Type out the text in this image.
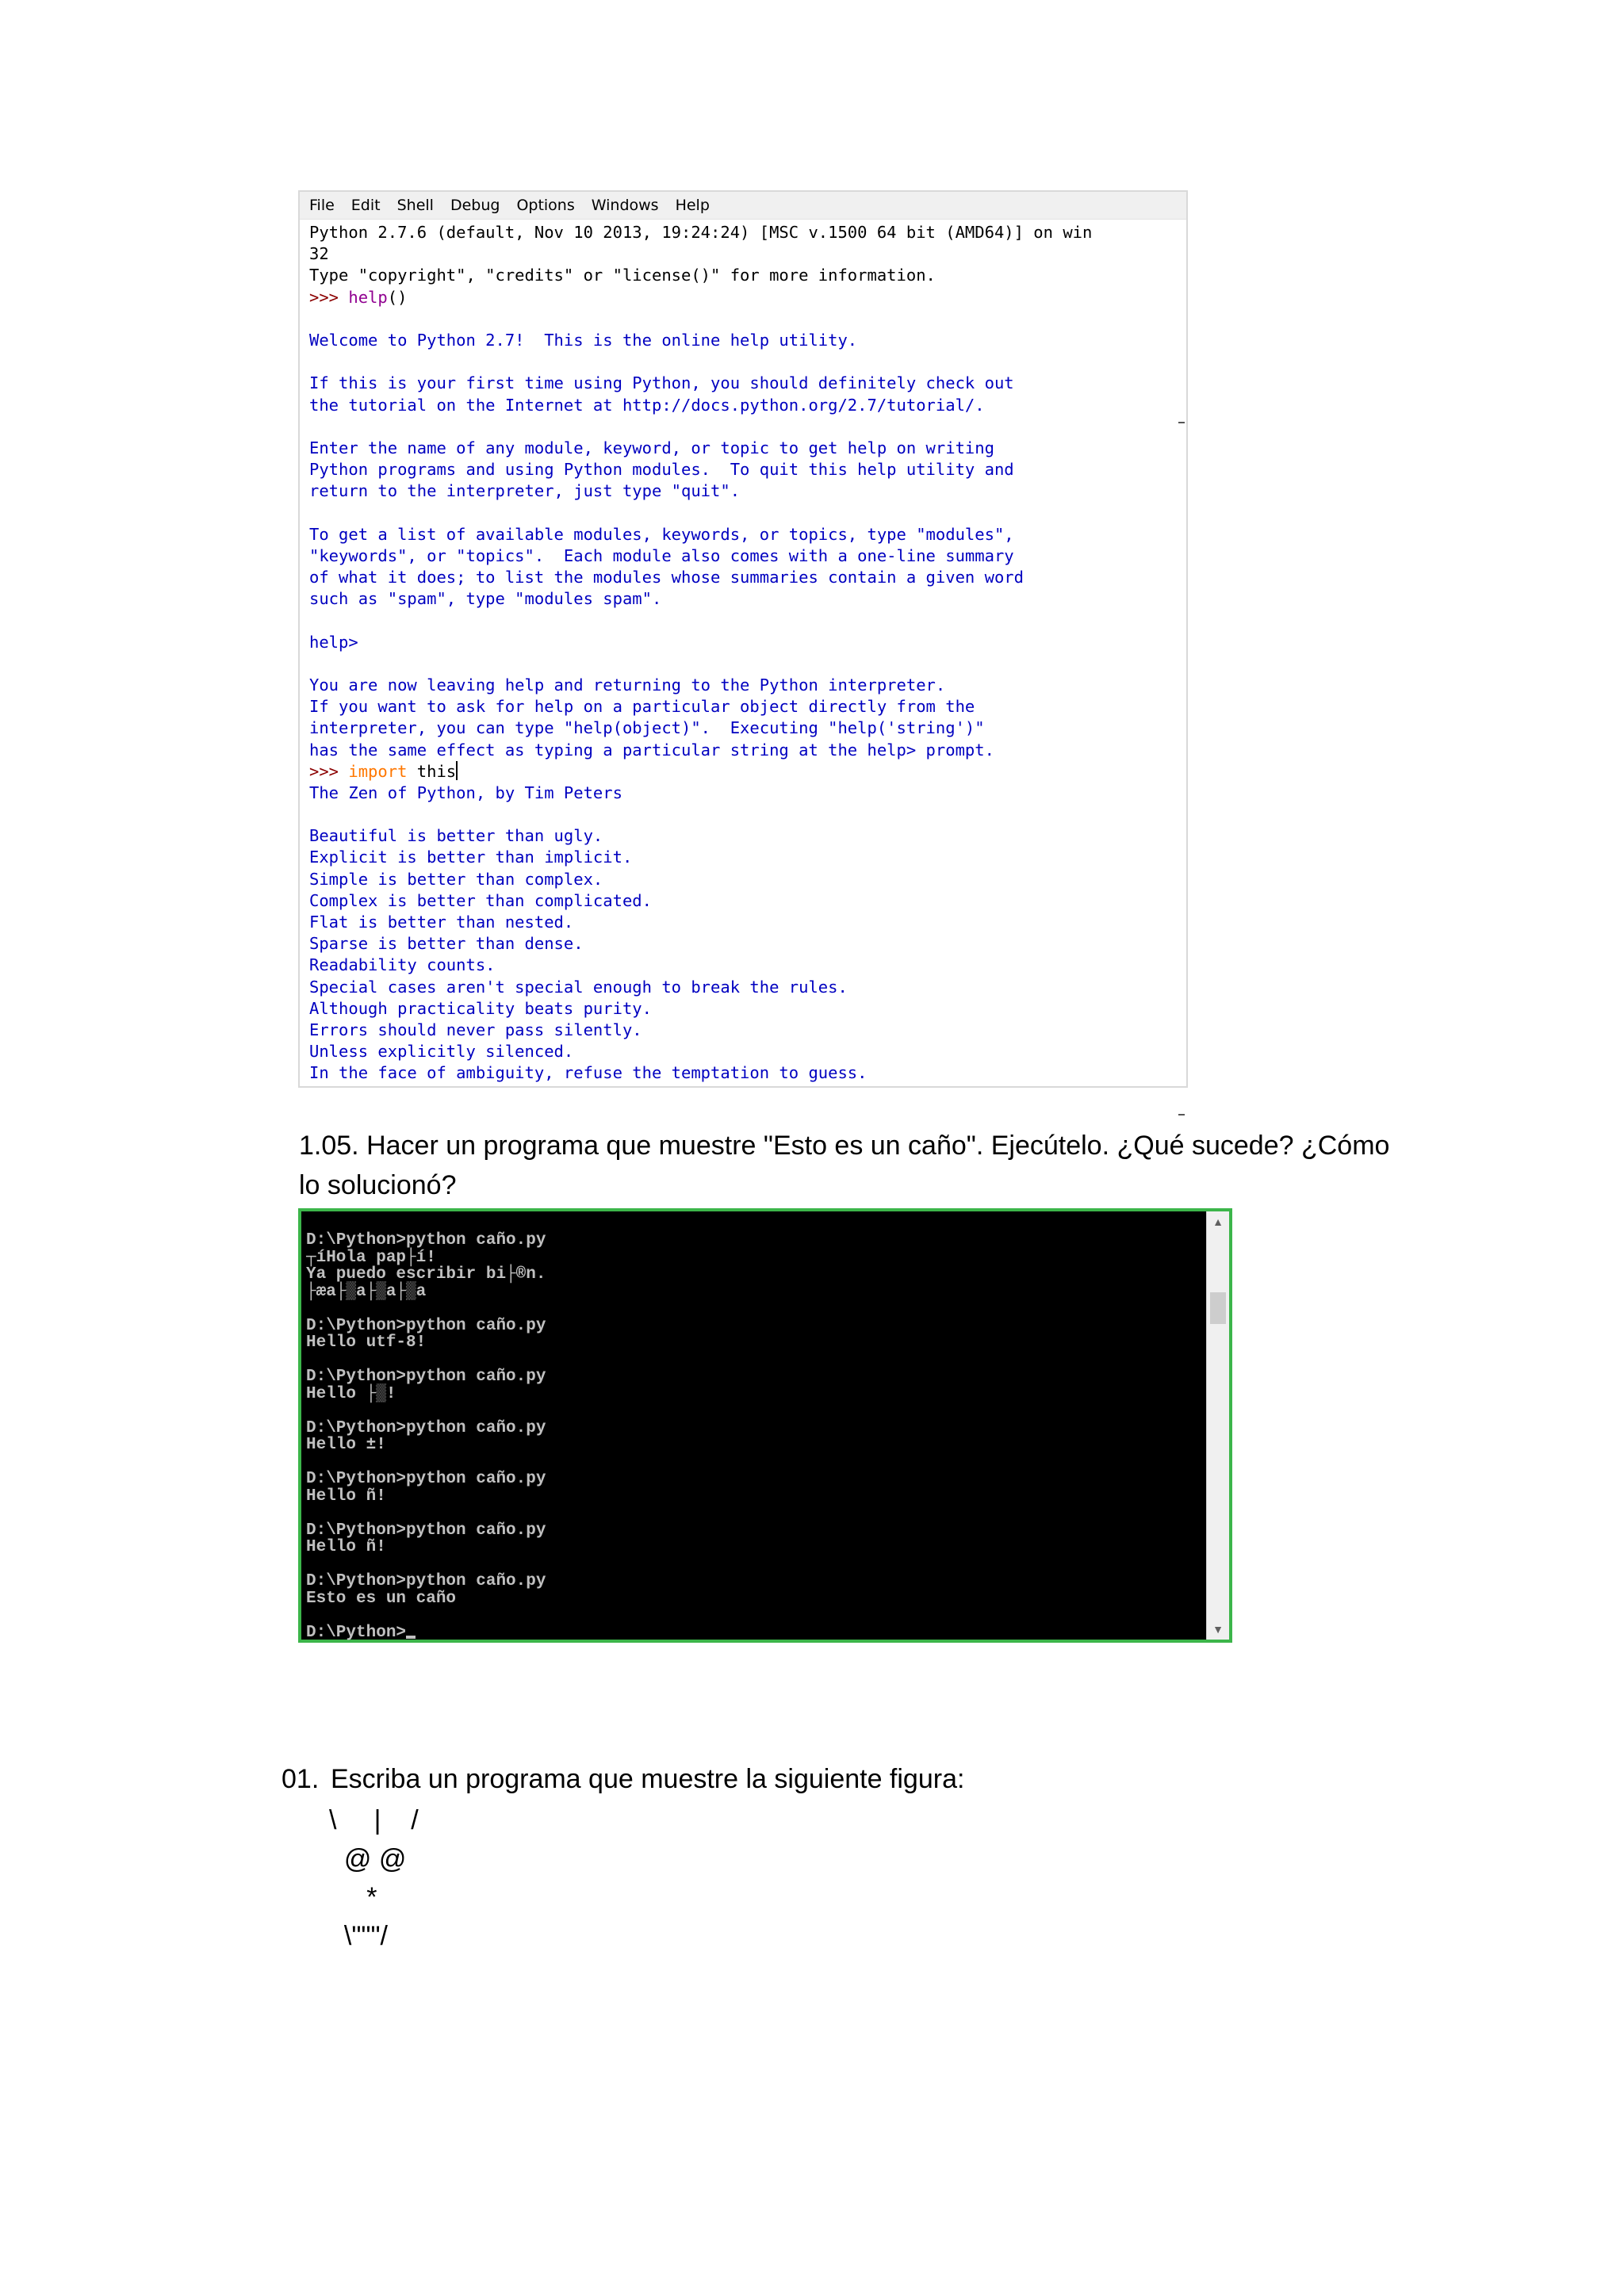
File Edit Shell Debug Options Windows Help
Python 2.7.6 (default, Nov 10 2013, 19:24:24) [MSC v.1500 64 bit (AMD64)] on win
32
Type "copyright", "credits" or "license()" for more information.
>>> help()
Welcome to Python 2.7!  This is the online help utility.
If this is your first time using Python, you should definitely check out
the tutorial on the Internet at http://docs.python.org/2.7/tutorial/.
Enter the name of any module, keyword, or topic to get help on writing
Python programs and using Python modules.  To quit this help utility and
return to the interpreter, just type "quit".
To get a list of available modules, keywords, or topics, type "modules",
"keywords", or "topics".  Each module also comes with a one-line summary
of what it does; to list the modules whose summaries contain a given word
such as "spam", type "modules spam".
help>
You are now leaving help and returning to the Python interpreter.
If you want to ask for help on a particular object directly from the
interpreter, you can type "help(object)".  Executing "help('string')"
has the same effect as typing a particular string at the help> prompt.
>>> import this
The Zen of Python, by Tim Peters
Beautiful is better than ugly.
Explicit is better than implicit.
Simple is better than complex.
Complex is better than complicated.
Flat is better than nested.
Sparse is better than dense.
Readability counts.
Special cases aren't special enough to break the rules.
Although practicality beats purity.
Errors should never pass silently.
Unless explicitly silenced.
In the face of ambiguity, refuse the temptation to guess.
1.05. Hacer un programa que muestre "Esto es un caño". Ejecútelo. ¿Qué sucede? ¿Cómo lo solucionó?
D:\Python>python caño.py
┬íHola pap├í!
Ya puedo escribir bi├®n.
├æa├▒a├▒a├▒a
D:\Python>python caño.py
Hello utf-8!
D:\Python>python caño.py
Hello ├▒!
D:\Python>python caño.py
Hello ±!
D:\Python>python caño.py
Hello ñ!
D:\Python>python caño.py
Hello ñ!
D:\Python>python caño.py
Esto es un caño
D:\Python>
▲
▼
01. Escriba un programa que muestre la siguiente figura:
\     |    /
@ @
*
\"""/
